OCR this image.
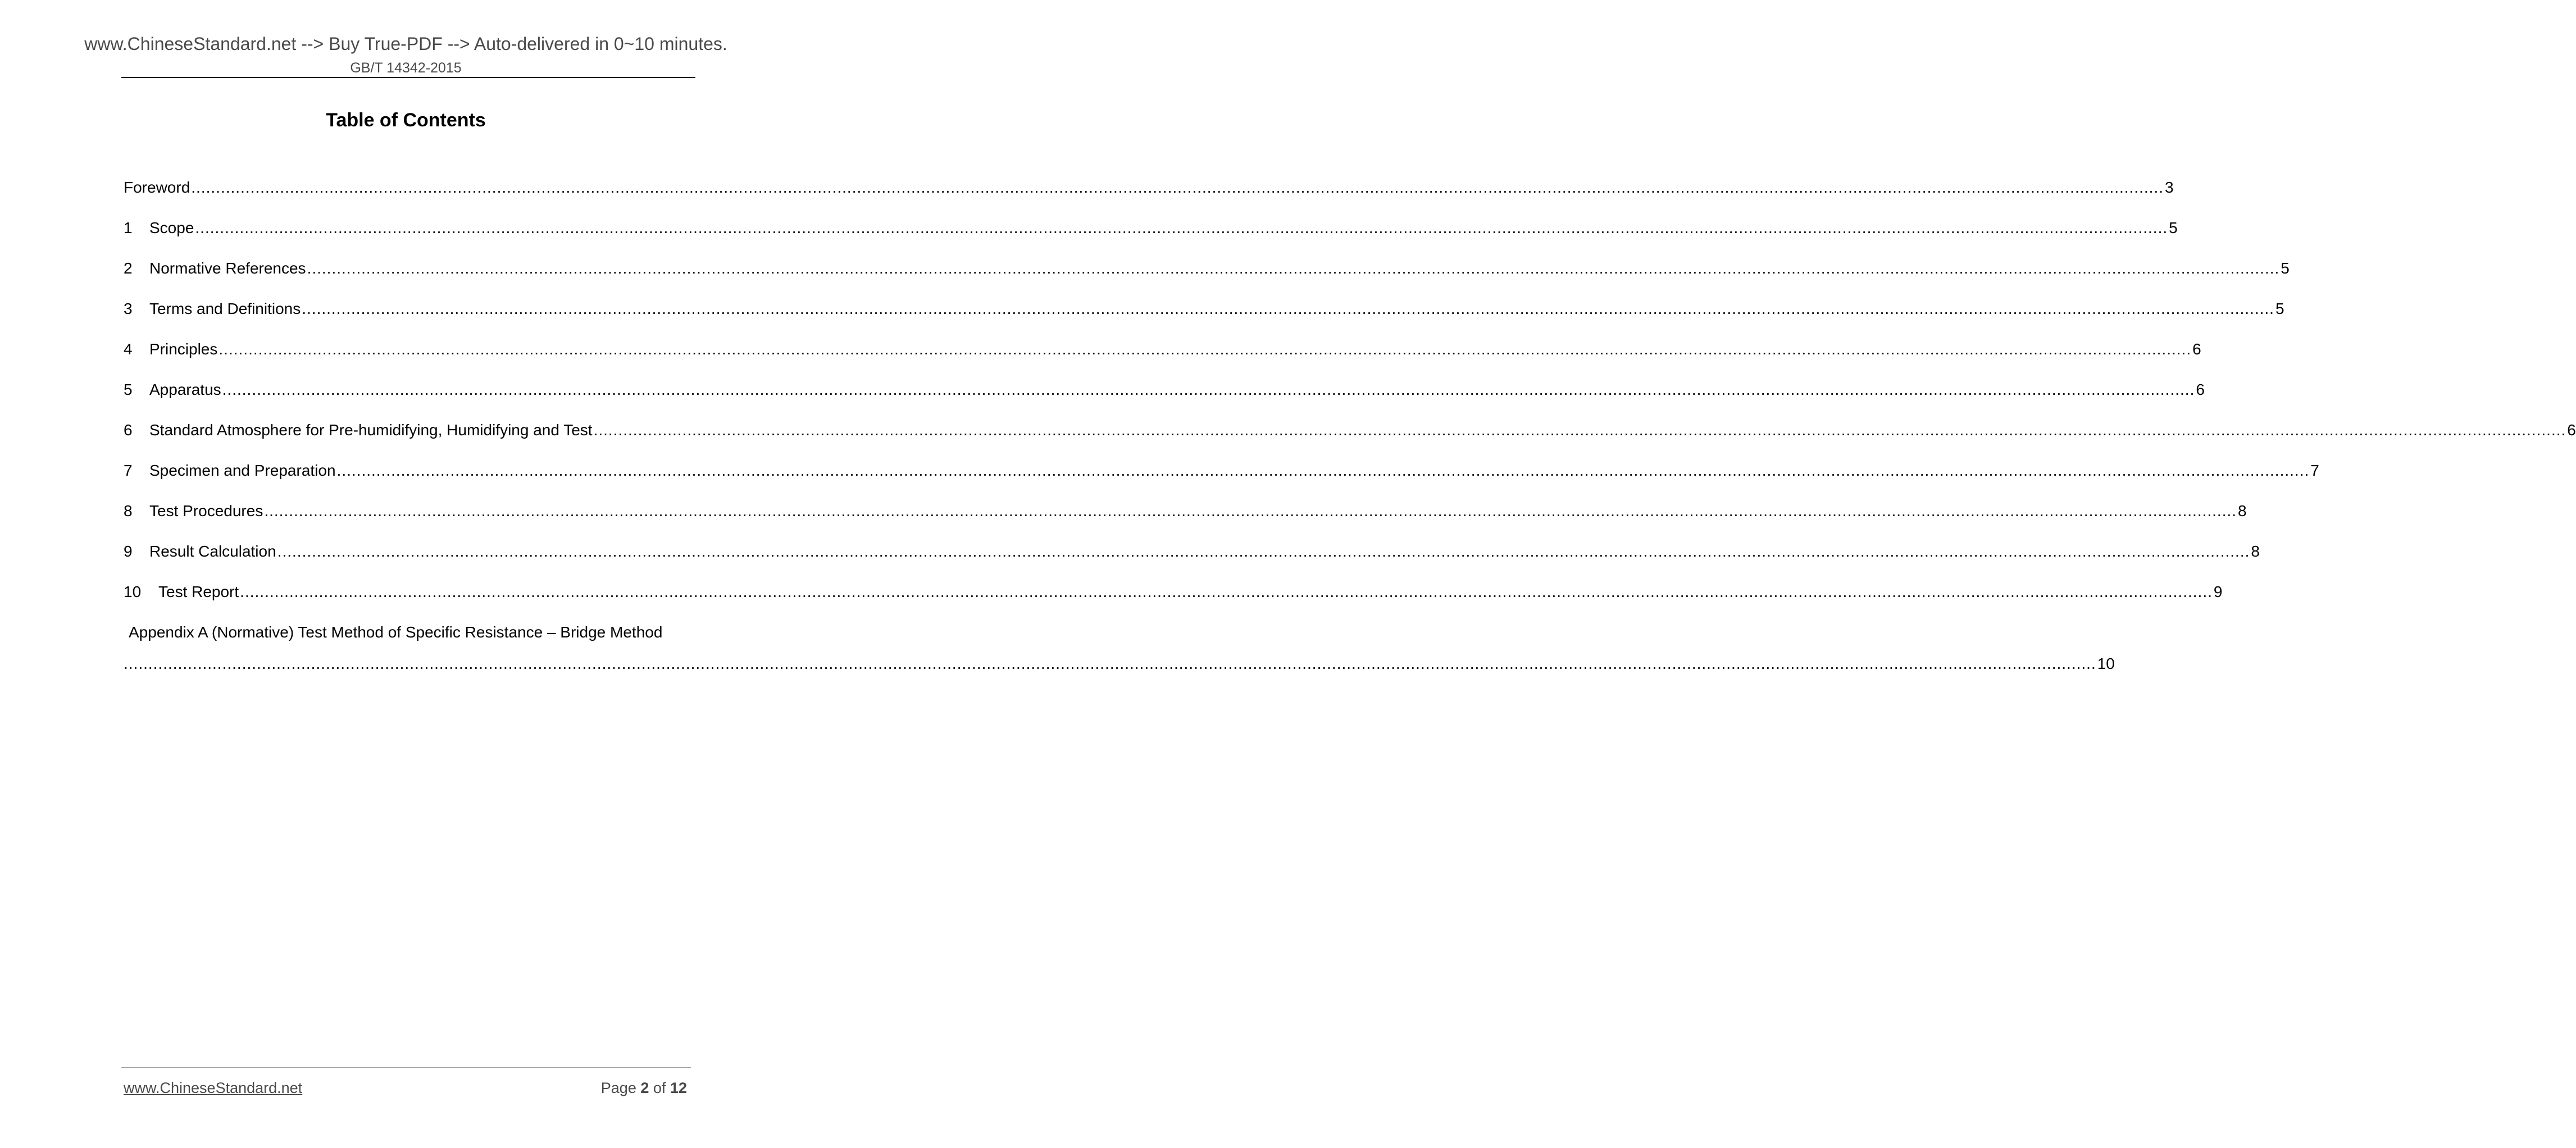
www.ChineseStandard.net --> Buy True-PDF --> Auto-delivered in 0~10 minutes.
GB/T 14342-2015
Table of Contents
Foreword ................................................................................................................................................................................................................................................................................................................................................................................................................ 3
1	Scope ................................................................................................................................................................................................................................................................................................................................................................................................................ 5
2	Normative References ................................................................................................................................................................................................................................................................................................................................................................................................................ 5
3	Terms and Definitions ................................................................................................................................................................................................................................................................................................................................................................................................................ 5
4	Principles ................................................................................................................................................................................................................................................................................................................................................................................................................ 6
5	Apparatus ................................................................................................................................................................................................................................................................................................................................................................................................................ 6
6	Standard Atmosphere for Pre-humidifying, Humidifying and Test ................................................................................................................................................................................................................................................................................................................................................................................................................ 6
7	Specimen and Preparation ................................................................................................................................................................................................................................................................................................................................................................................................................ 7
8	Test Procedures ................................................................................................................................................................................................................................................................................................................................................................................................................ 8
9	Result Calculation ................................................................................................................................................................................................................................................................................................................................................................................................................ 8
10	Test Report ................................................................................................................................................................................................................................................................................................................................................................................................................ 9
Appendix A (Normative) Test Method of Specific Resistance – Bridge Method
................................................................................................................................................................................................................................................................................................................................................................................................................ 10
www.ChineseStandard.net	Page 2 of 12
